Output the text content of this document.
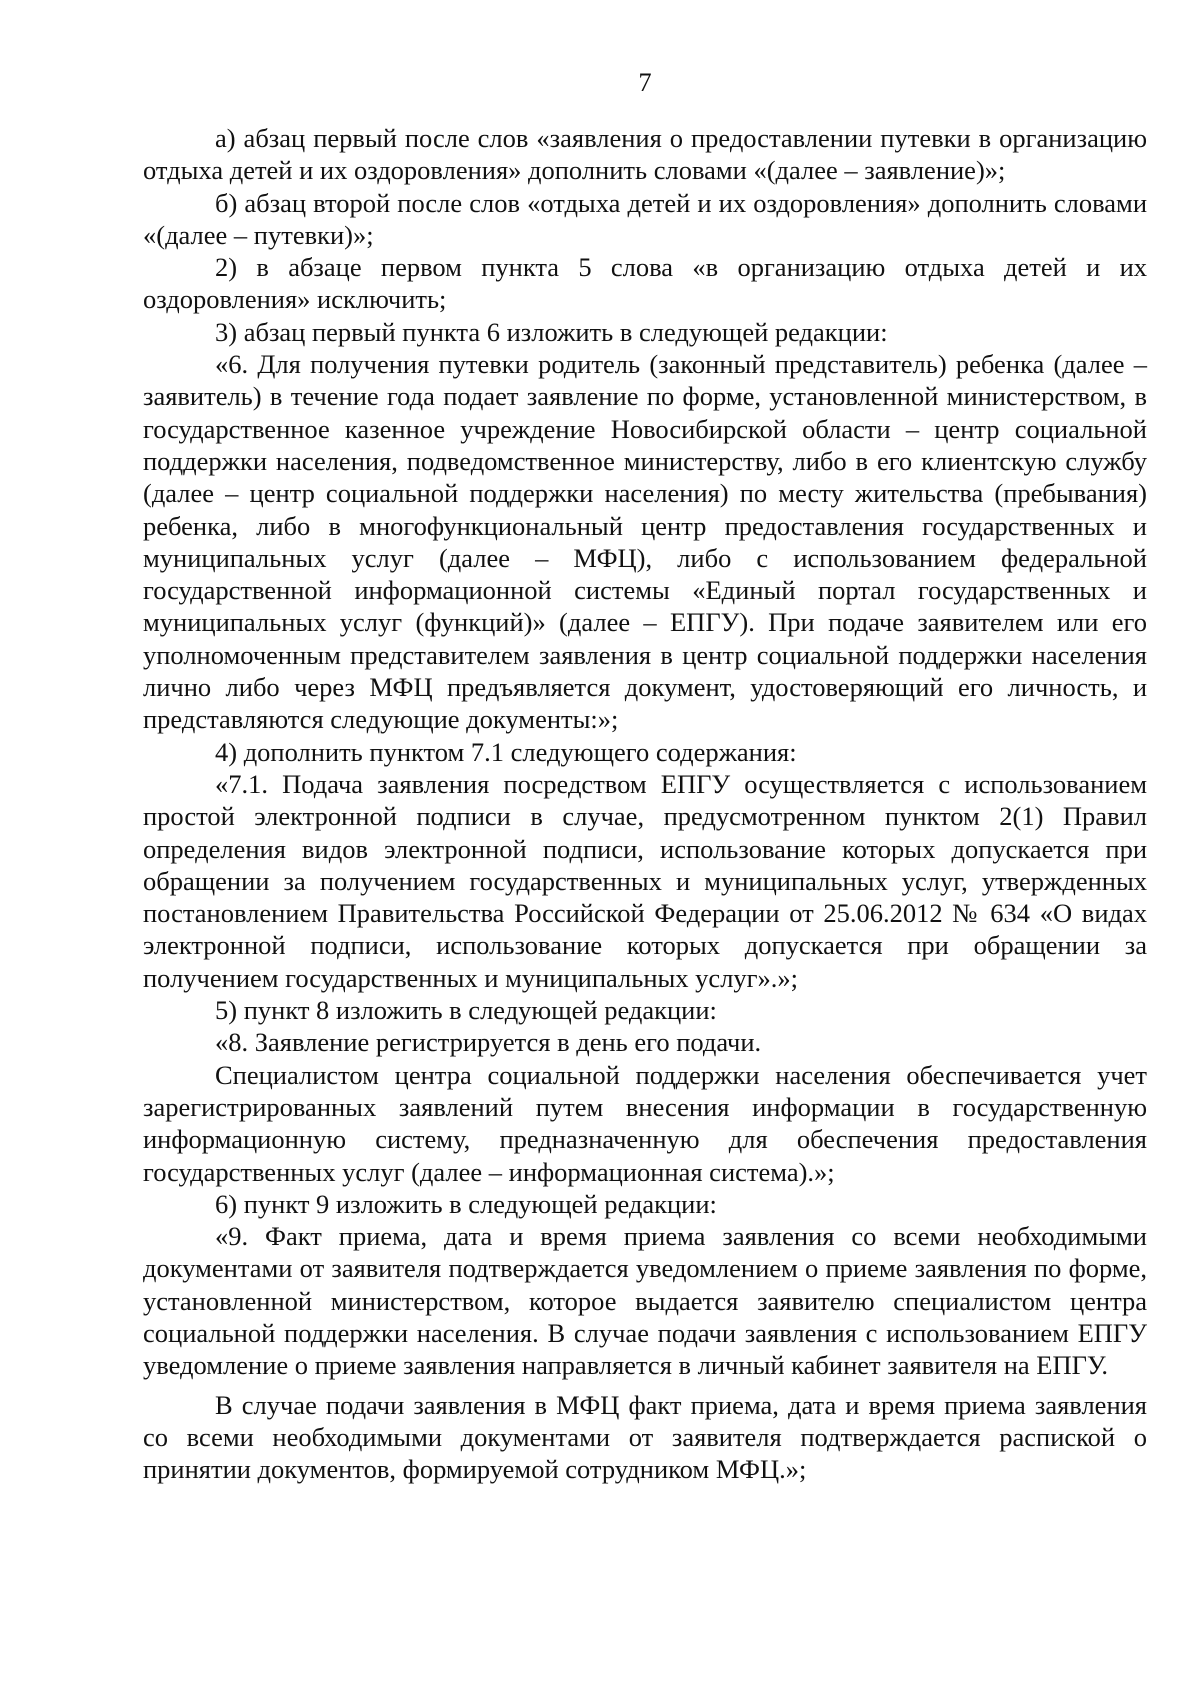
7

а) абзац первый после слов «заявления о предоставлении путевки в организацию отдыха детей и их оздоровления» дополнить словами «(далее – заявление)»;

б) абзац второй после слов «отдыха детей и их оздоровления» дополнить словами «(далее – путевки)»;

2) в абзаце первом пункта 5 слова «в организацию отдыха детей и их оздоровления» исключить;

3) абзац первый пункта 6 изложить в следующей редакции:

«6. Для получения путевки родитель (законный представитель) ребенка (далее – заявитель) в течение года подает заявление по форме, установленной министерством, в государственное казенное учреждение Новосибирской области – центр социальной поддержки населения, подведомственное министерству, либо в его клиентскую службу (далее – центр социальной поддержки населения) по месту жительства (пребывания) ребенка, либо в многофункциональный центр предоставления государственных и муниципальных услуг (далее – МФЦ), либо с использованием федеральной государственной информационной системы «Единый портал государственных и муниципальных услуг (функций)» (далее – ЕПГУ). При подаче заявителем или его уполномоченным представителем заявления в центр социальной поддержки населения лично либо через МФЦ предъявляется документ, удостоверяющий его личность, и представляются следующие документы:»;

4) дополнить пунктом 7.1 следующего содержания:

«7.1. Подача заявления посредством ЕПГУ осуществляется с использованием простой электронной подписи в случае, предусмотренном пунктом 2(1) Правил определения видов электронной подписи, использование которых допускается при обращении за получением государственных и муниципальных услуг, утвержденных постановлением Правительства Российской Федерации от 25.06.2012 № 634 «О видах электронной подписи, использование которых допускается при обращении за получением государственных и муниципальных услуг».»;

5) пункт 8 изложить в следующей редакции:

«8. Заявление регистрируется в день его подачи.

Специалистом центра социальной поддержки населения обеспечивается учет зарегистрированных заявлений путем внесения информации в государственную информационную систему, предназначенную для обеспечения предоставления государственных услуг (далее – информационная система).»;

6) пункт 9 изложить в следующей редакции:

«9. Факт приема, дата и время приема заявления со всеми необходимыми документами от заявителя подтверждается уведомлением о приеме заявления по форме, установленной министерством, которое выдается заявителю специалистом центра социальной поддержки населения. В случае подачи заявления с использованием ЕПГУ уведомление о приеме заявления направляется в личный кабинет заявителя на ЕПГУ.

В случае подачи заявления в МФЦ факт приема, дата и время приема заявления со всеми необходимыми документами от заявителя подтверждается распиской о принятии документов, формируемой сотрудником МФЦ.»;
